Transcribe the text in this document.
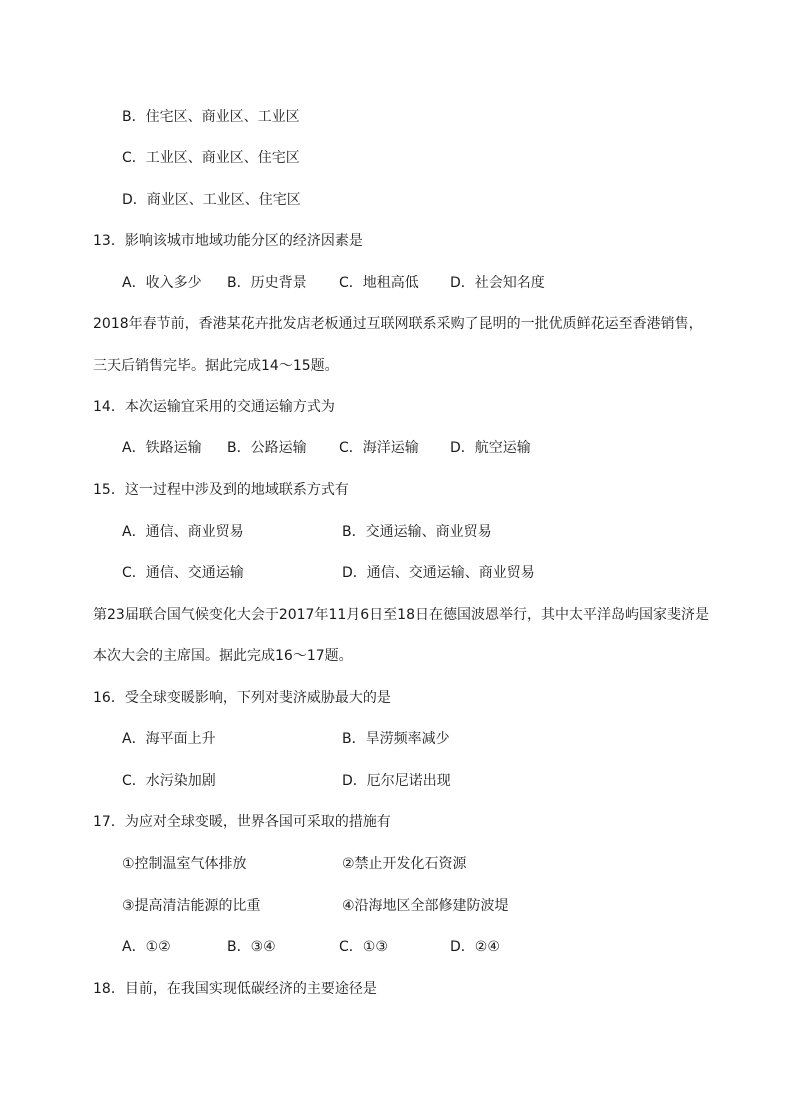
B．住宅区、商业区、工业区
C．工业区、商业区、住宅区
D．商业区、工业区、住宅区
13．影响该城市地域功能分区的经济因素是
A．收入多少 B．历史背景 C．地租高低 D．社会知名度
2018年春节前，香港某花卉批发店老板通过互联网联系采购了昆明的一批优质鲜花运至香港销售，
三天后销售完毕。据此完成14～15题。
14．本次运输宜采用的交通运输方式为
A．铁路运输 B．公路运输 C．海洋运输 D．航空运输
15．这一过程中涉及到的地域联系方式有
A．通信、商业贸易	B．交通运输、商业贸易
C．通信、交通运输	D．通信、交通运输、商业贸易
第23届联合国气候变化大会于2017年11月6日至18日在德国波恩举行，其中太平洋岛屿国家斐济是
本次大会的主席国。据此完成16～17题。
16．受全球变暖影响，下列对斐济威胁最大的是
A．海平面上升	B．旱涝频率减少
C．水污染加剧	D．厄尔尼诺出现
17．为应对全球变暖，世界各国可采取的措施有
①控制温室气体排放	②禁止开发化石资源
③提高清洁能源的比重	④沿海地区全部修建防波堤
A．①②	B．③④	C．①③	D．②④
18．目前，在我国实现低碳经济的主要途径是
